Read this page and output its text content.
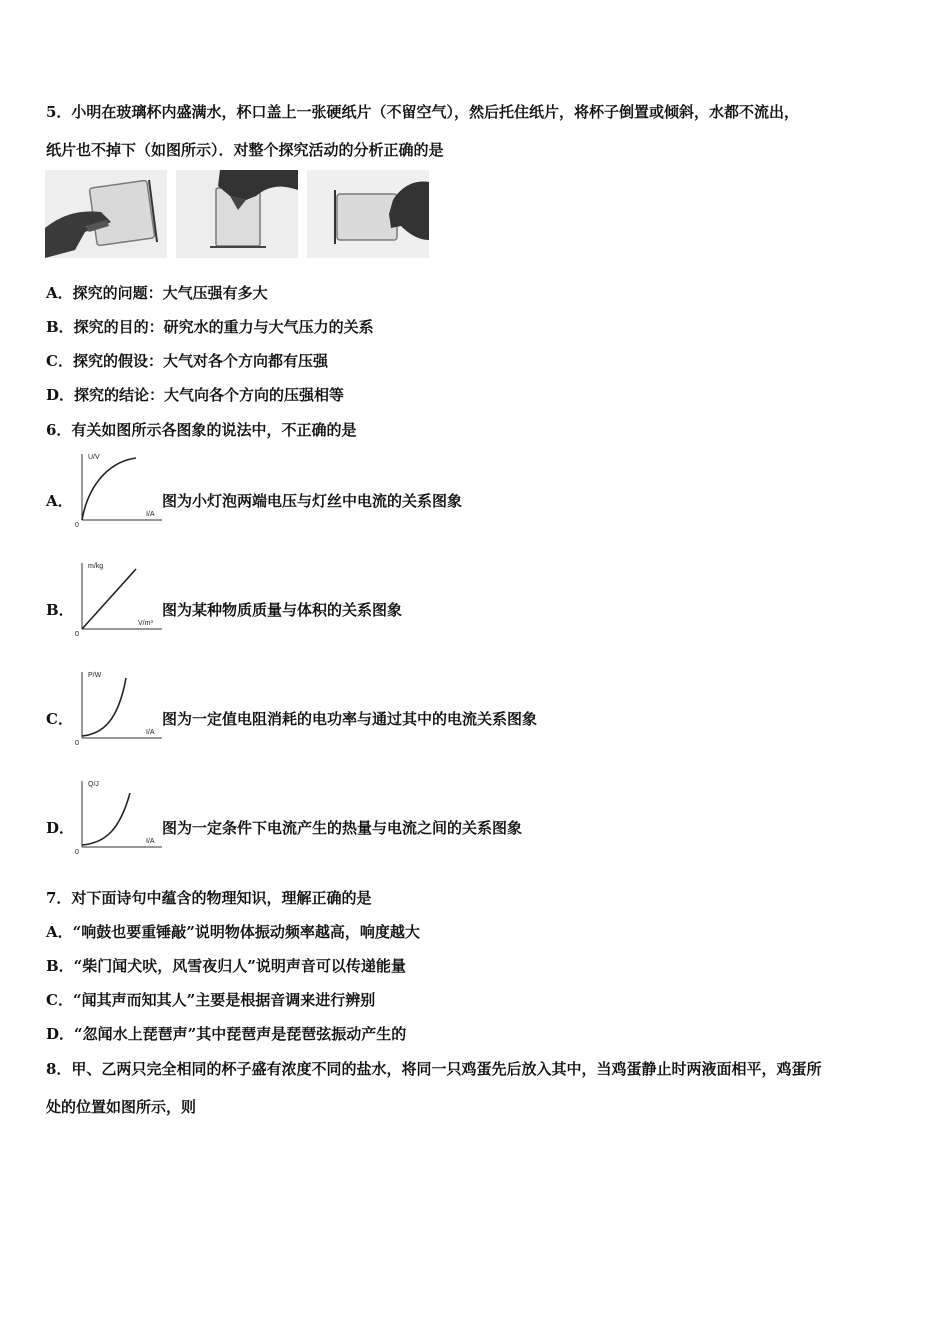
5．小明在玻璃杯内盛满水，杯口盖上一张硬纸片（不留空气），然后托住纸片，将杯子倒置或倾斜，水都不流出，
纸片也不掉下（如图所示）．对整个探究活动的分析正确的是
A．探究的问题：大气压强有多大
B．探究的目的：研究水的重力与大气压力的关系
C．探究的假设：大气对各个方向都有压强
D．探究的结论：大气向各个方向的压强相等
6．有关如图所示各图象的说法中，不正确的是
A．
U/V
I/A
0
图为小灯泡两端电压与灯丝中电流的关系图象
B．
m/kg
V/m³
0
图为某种物质质量与体积的关系图象
C．
P/W
I/A
0
图为一定值电阻消耗的电功率与通过其中的电流关系图象
D．
Q/J
I/A
0
图为一定条件下电流产生的热量与电流之间的关系图象
7．对下面诗句中蕴含的物理知识，理解正确的是
A．“响鼓也要重锤敲”说明物体振动频率越高，响度越大
B．“柴门闻犬吠，风雪夜归人”说明声音可以传递能量
C．“闻其声而知其人”主要是根据音调来进行辨别
D．“忽闻水上琵琶声”其中琵琶声是琵琶弦振动产生的
8．甲、乙两只完全相同的杯子盛有浓度不同的盐水，将同一只鸡蛋先后放入其中，当鸡蛋静止时两液面相平，鸡蛋所
处的位置如图所示，则
